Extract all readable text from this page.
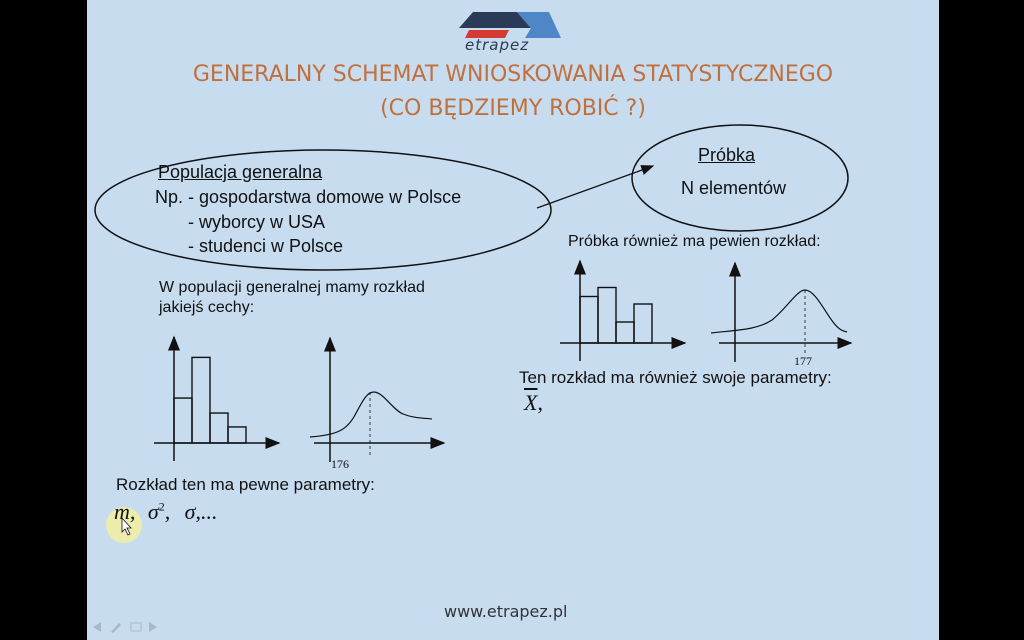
etrapez
GENERALNY SCHEMAT WNIOSKOWANIA STATYSTYCZNEGO
(CO BĘDZIEMY ROBIĆ ?)
Populacja generalna
Np. - gospodarstwa domowe w Polsce
- wyborcy w USA
- studenci w Polsce
Próbka
N elementów
W populacji generalnej mamy rozkład
jakiejś cechy:
176
Rozkład ten ma pewne parametry:
m, $\sigma^2$, σ,...
Próbka również ma pewien rozkład:
177
Ten rozkład ma również swoje parametry:
$\overline{X}$,
www.etrapez.pl
